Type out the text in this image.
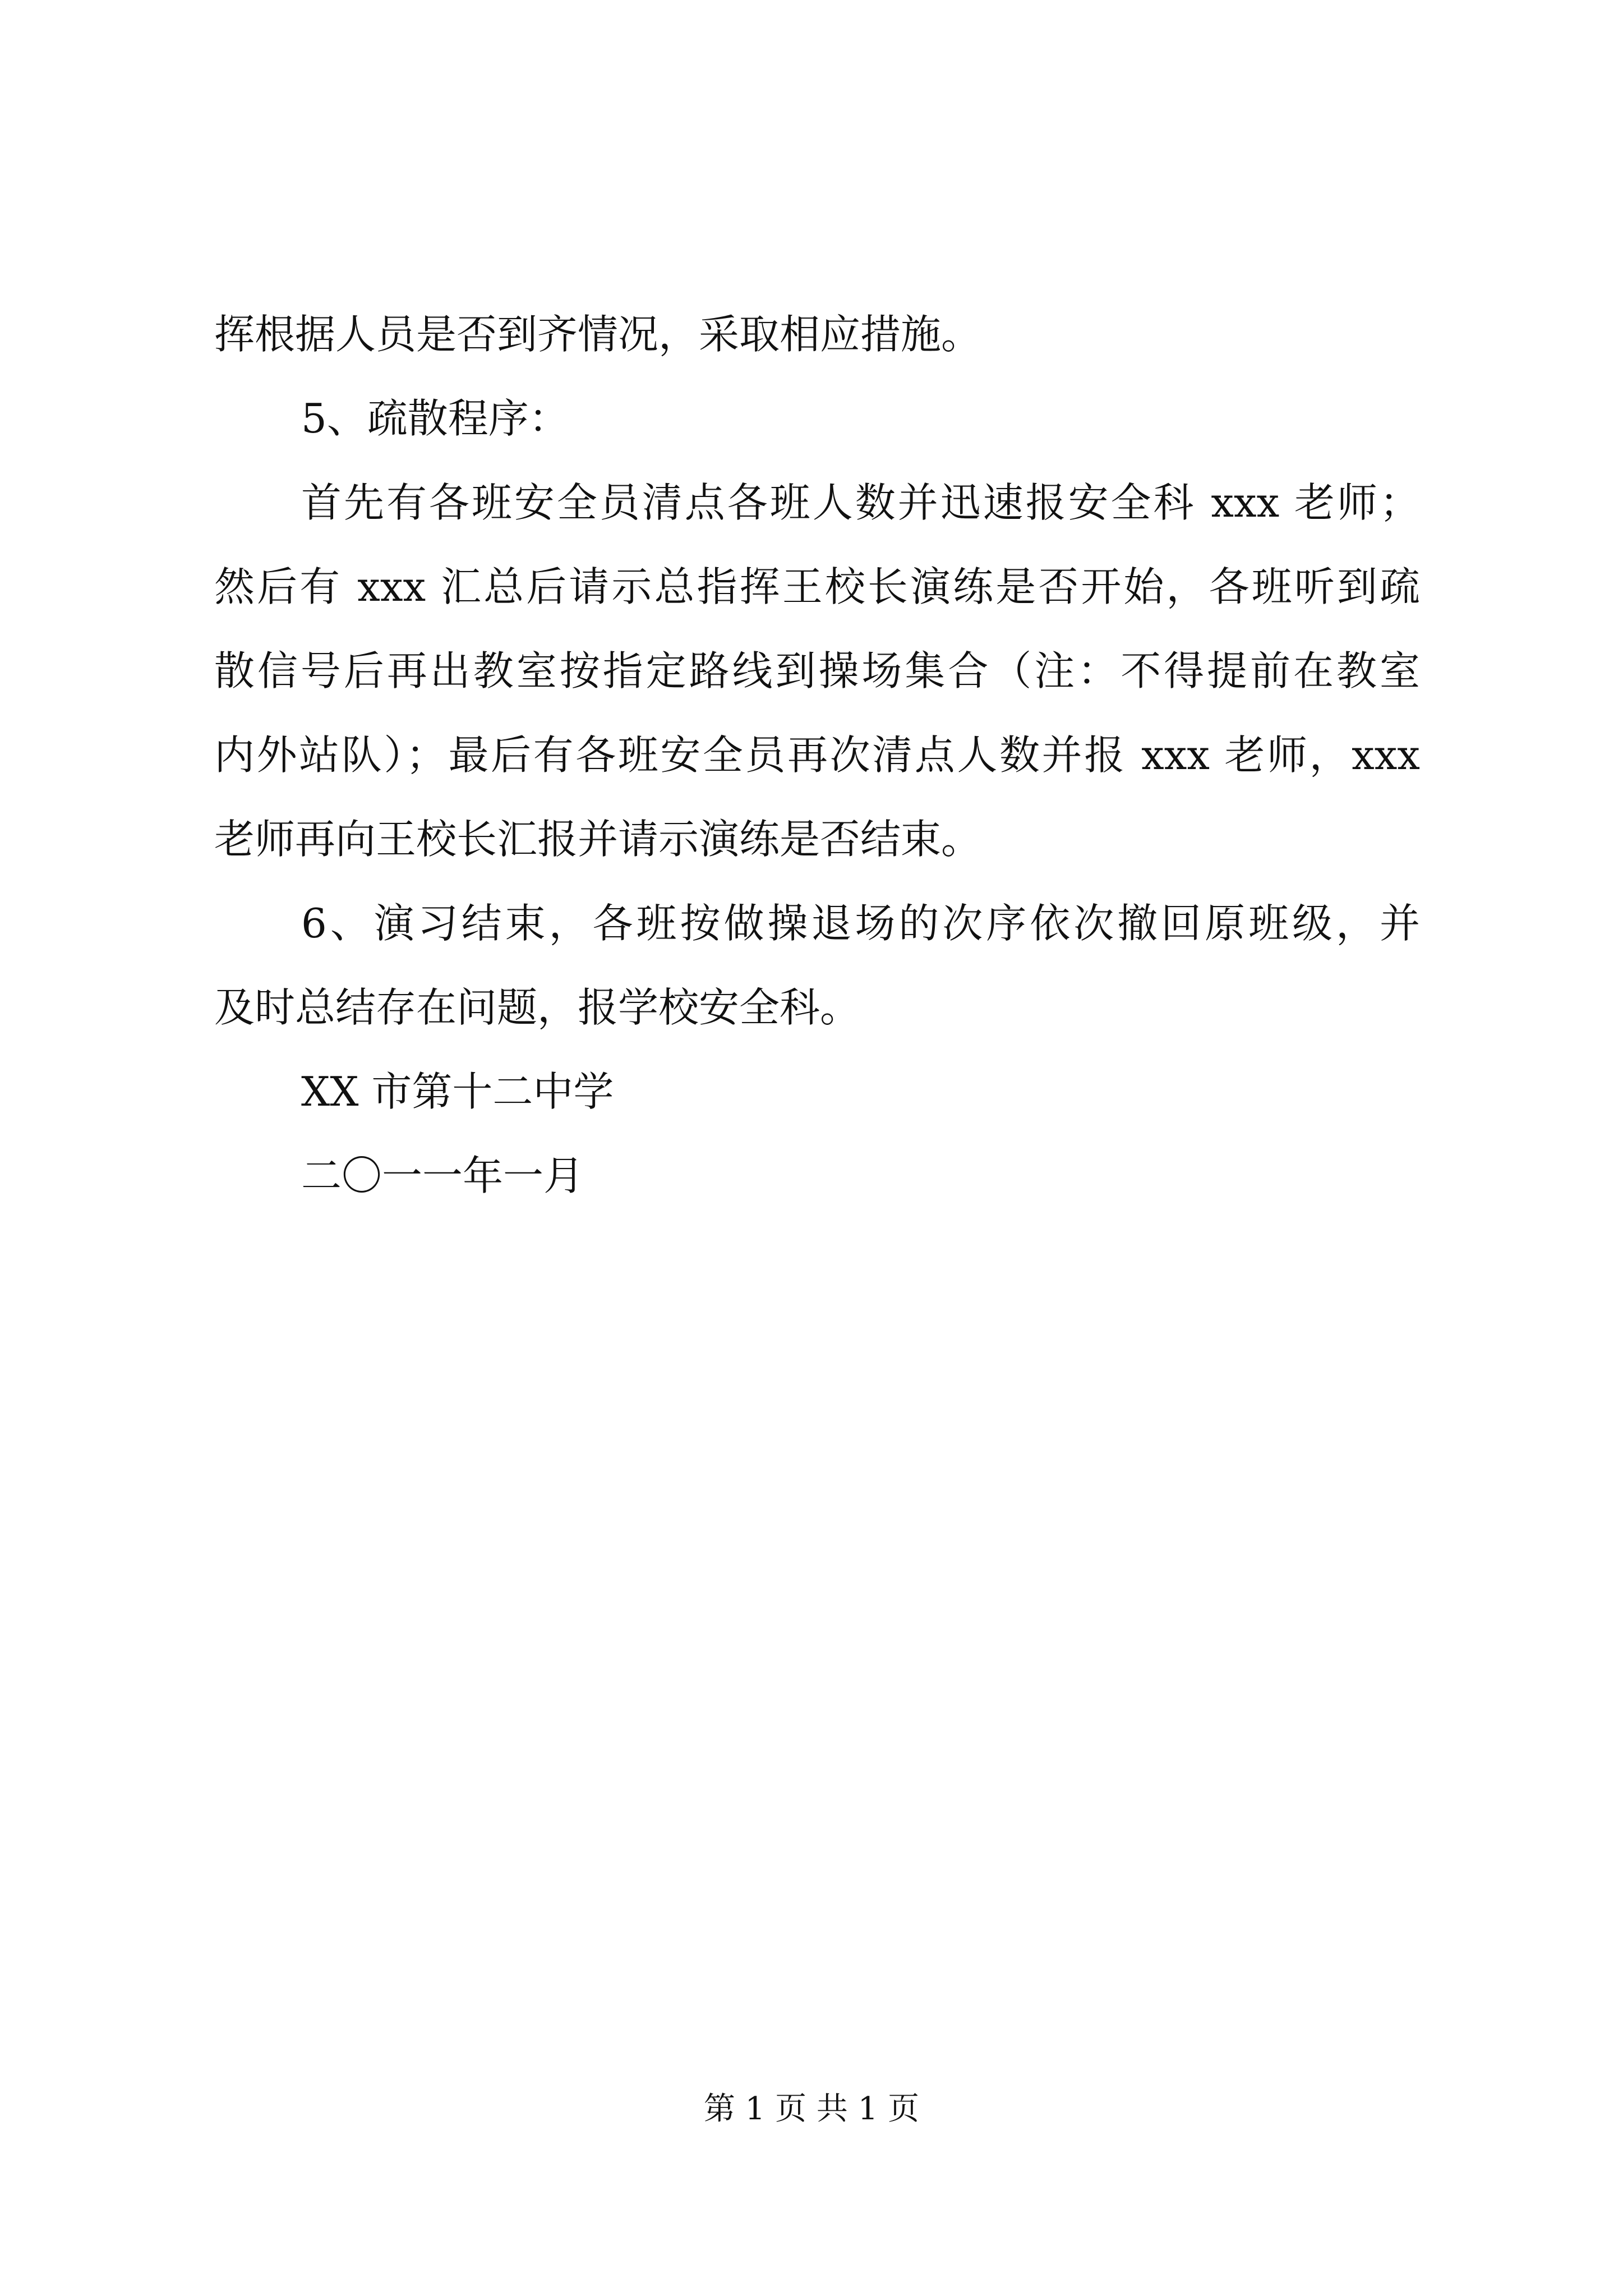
挥根据人员是否到齐情况，采取相应措施。
5、疏散程序：
首先有各班安全员清点各班人数并迅速报安全科 xxx 老师；
然后有 xxx 汇总后请示总指挥王校长演练是否开始，各班听到疏
散信号后再出教室按指定路线到操场集合（注：不得提前在教室
内外站队）；最后有各班安全员再次清点人数并报 xxx 老师，xxx
老师再向王校长汇报并请示演练是否结束。
6、演习结束，各班按做操退场的次序依次撤回原班级，并
及时总结存在问题，报学校安全科。
XX 市第十二中学
二〇一一年一月
第 1 页 共 1 页
